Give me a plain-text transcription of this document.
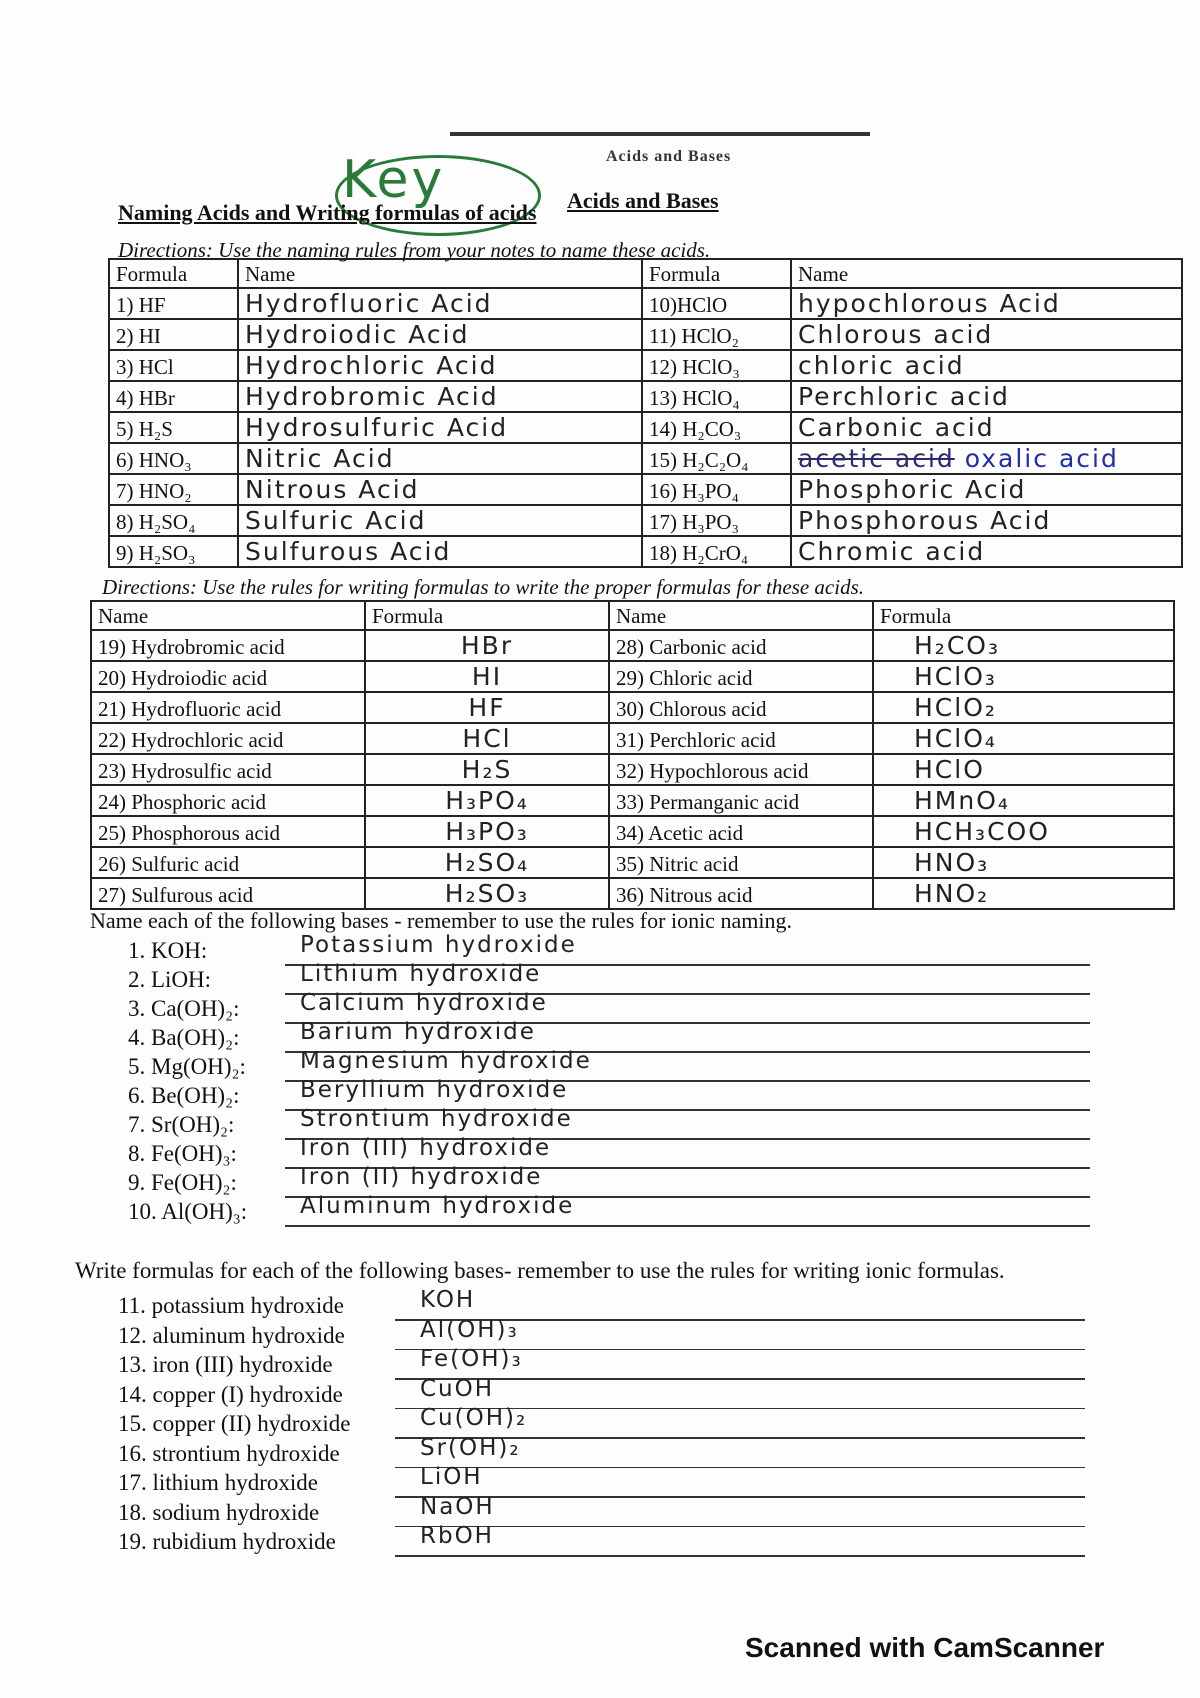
Acids and Bases
Key	Acids and Bases
Naming Acids and Writing formulas of acids
Directions: Use the naming rules from your notes to name these acids.
Formula	Name	Formula	Name
1) HF	Hydrofluoric Acid	10)HClO	hypochlorous Acid
2) HI	Hydroiodic Acid	11) HClO₂	Chlorous acid
3) HCl	Hydrochloric Acid	12) HClO₃	chloric acid
4) HBr	Hydrobromic Acid	13) HClO₄	Perchloric acid
5) H₂S	Hydrosulfuric Acid	14) H₂CO₃	Carbonic acid
6) HNO₃	Nitric Acid	15) H₂C₂O₄	acetic acid oxalic acid
7) HNO₂	Nitrous Acid	16) H₃PO₄	Phosphoric Acid
8) H₂SO₄	Sulfuric Acid	17) H₃PO₃	Phosphorous Acid
9) H₂SO₃	Sulfurous Acid	18) H₂CrO₄	Chromic acid
Directions: Use the rules for writing formulas to write the proper formulas for these acids.
Name	Formula	Name	Formula
19) Hydrobromic acid	HBr	28) Carbonic acid	H₂CO₃
20) Hydroiodic acid	HI	29) Chloric acid	HClO₃
21) Hydrofluoric acid	HF	30) Chlorous acid	HClO₂
22) Hydrochloric acid	HCl	31) Perchloric acid	HClO₄
23) Hydrosulfic acid	H₂S	32) Hypochlorous acid	HClO
24) Phosphoric acid	H₃PO₄	33) Permanganic acid	HMnO₄
25) Phosphorous acid	H₃PO₃	34) Acetic acid	HCH₃COO
26) Sulfuric acid	H₂SO₄	35) Nitric acid	HNO₃
27) Sulfurous acid	H₂SO₃	36) Nitrous acid	HNO₂
Name each of the following bases - remember to use the rules for ionic naming.
1. KOH:	Potassium hydroxide
2. LiOH:	Lithium hydroxide
3. Ca(OH)₂:	Calcium hydroxide
4. Ba(OH)₂:	Barium hydroxide
5. Mg(OH)₂: Magnesium hydroxide
6. Be(OH)₂:	Beryllium hydroxide
7. Sr(OH)₂:	Strontium hydroxide
8. Fe(OH)₃:	Iron (III) hydroxide
9. Fe(OH)₂:	Iron (II) hydroxide
10. Al(OH)₃: Aluminum hydroxide
Write formulas for each of the following bases- remember to use the rules for writing ionic formulas.
11. potassium hydroxide	KOH
12. aluminum hydroxide	Al(OH)₃
13. iron (III) hydroxide	Fe(OH)₃
14. copper (I) hydroxide	CuOH
15. copper (II) hydroxide	Cu(OH)₂
16. strontium hydroxide	Sr(OH)₂
17. lithium hydroxide	LiOH
18. sodium hydroxide	NaOH
19. rubidium hydroxide	RbOH
Scanned with CamScanner
